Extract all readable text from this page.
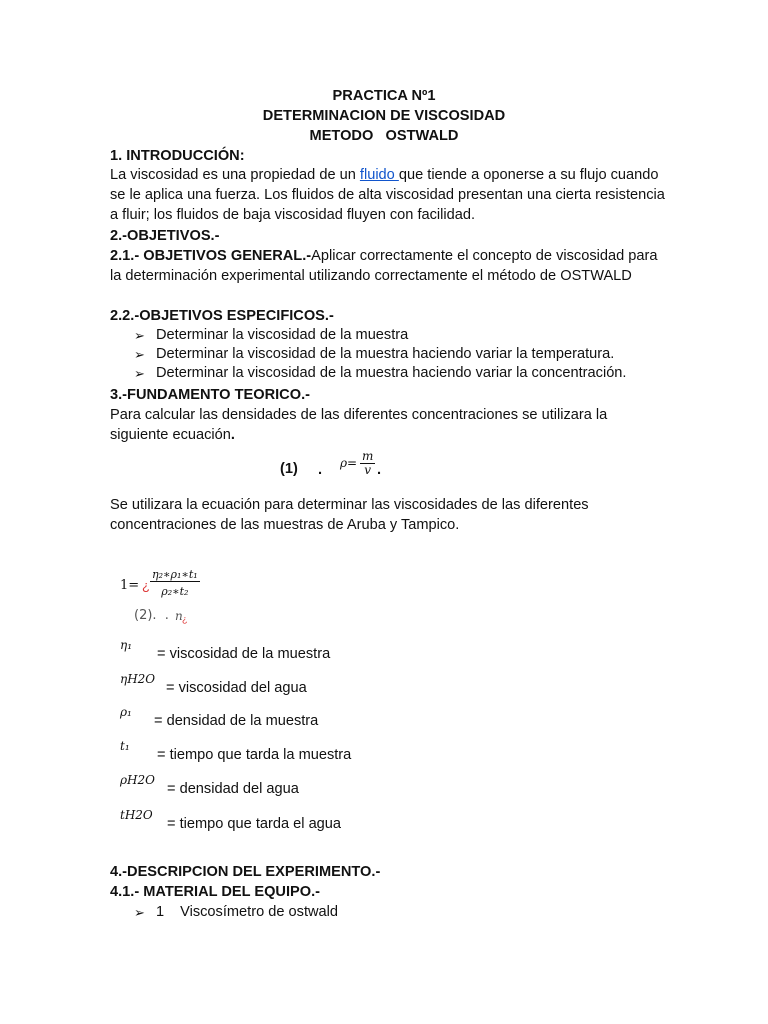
PRACTICA Nº1

DETERMINACION DE VISCOSIDAD

METODO   OSTWALD

1. INTRODUCCIÓN:

La viscosidad es una propiedad de un fluido que tiende a oponerse a su flujo cuando se le aplica una fuerza. Los fluidos de alta viscosidad presentan una cierta resistencia a fluir; los fluidos de baja viscosidad fluyen con facilidad.

2.-OBJETIVOS.-

2.1.- OBJETIVOS GENERAL.-Aplicar correctamente el concepto de viscosidad para la determinación experimental utilizando correctamente el método de OSTWALD

2.2.-OBJETIVOS ESPECIFICOS.-

➢ Determinar la viscosidad de la muestra
➢ Determinar la viscosidad de la muestra haciendo variar la temperatura.
➢ Determinar la viscosidad de la muestra haciendo variar la concentración.

3.-FUNDAMENTO TEORICO.-

Para calcular las densidades de las diferentes concentraciones se utilizara la siguiente ecuación.

(1) . $\rho= \frac{m}{v}$ .

Se utilizara la ecuación para determinar las viscosidades de las diferentes concentraciones de las muestras de Aruba y Tampico.

1= ¿ $\frac{\text{η₂∗ρ₁∗t₁}}{\text{ρ₂∗t₂}}$
(2).  . n ¿
η₁
= viscosidad de la muestra
ηH2O
= viscosidad del agua
ρ₁
= densidad de la muestra
t₁
= tiempo que tarda la muestra
ρH2O
= densidad del agua
tH2O
= tiempo que tarda el agua

4.-DESCRIPCION DEL EXPERIMENTO.-

4.1.- MATERIAL DEL EQUIPO.-

➢ 1 Viscosímetro de ostwald
